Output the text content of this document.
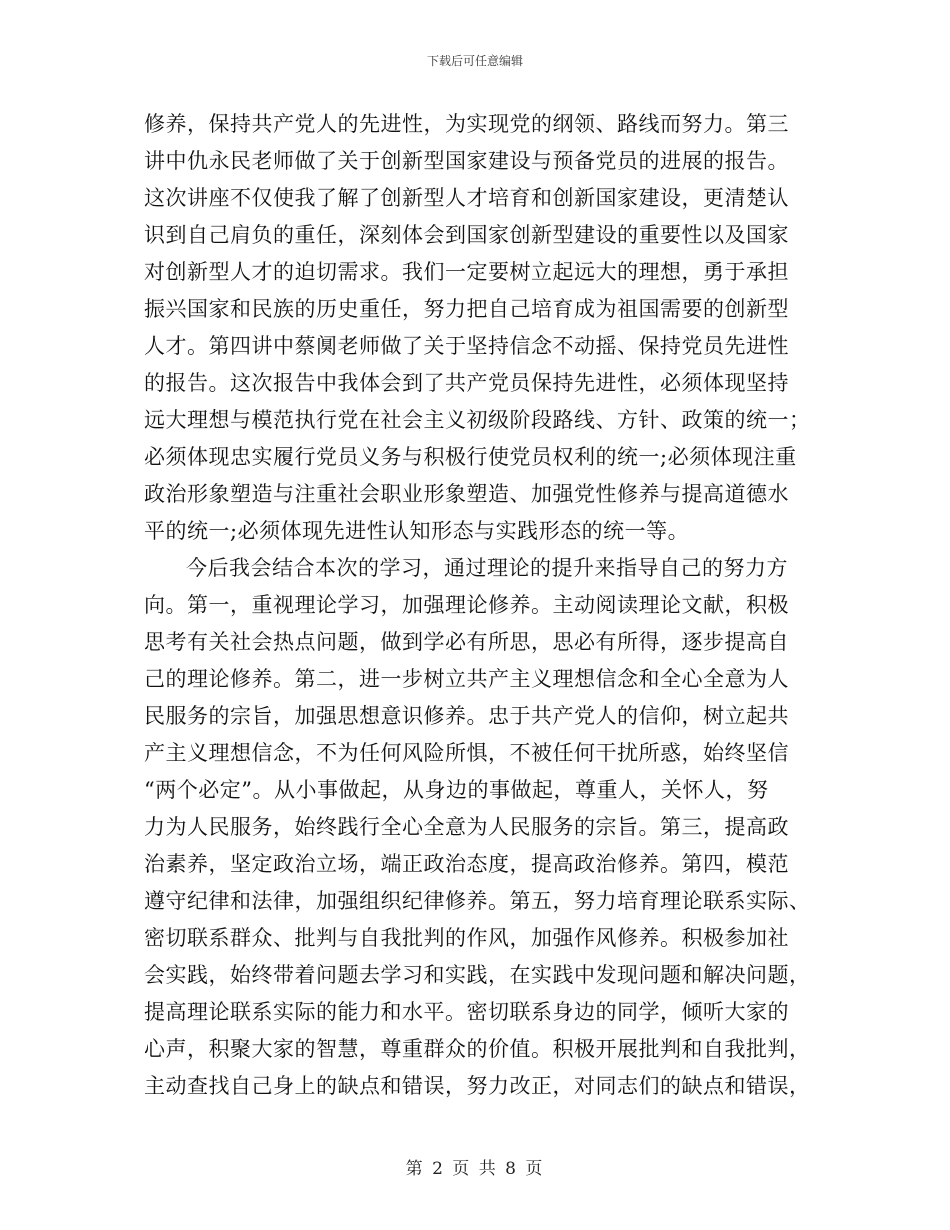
下载后可任意编辑
修养，保持共产党人的先进性，为实现党的纲领、路线而努力。第三
讲中仇永民老师做了关于创新型国家建设与预备党员的进展的报告。
这次讲座不仅使我了解了创新型人才培育和创新国家建设，更清楚认
识到自己肩负的重任，深刻体会到国家创新型建设的重要性以及国家
对创新型人才的迫切需求。我们一定要树立起远大的理想，勇于承担
振兴国家和民族的历史重任，努力把自己培育成为祖国需要的创新型
人才。第四讲中蔡阒老师做了关于坚持信念不动摇、保持党员先进性
的报告。这次报告中我体会到了共产党员保持先进性，必须体现坚持
远大理想与模范执行党在社会主义初级阶段路线、方针、政策的统一；
必须体现忠实履行党员义务与积极行使党员权利的统一;必须体现注重
政治形象塑造与注重社会职业形象塑造、加强党性修养与提高道德水
平的统一;必须体现先进性认知形态与实践形态的统一等。
今后我会结合本次的学习，通过理论的提升来指导自己的努力方
向。第一，重视理论学习，加强理论修养。主动阅读理论文献，积极
思考有关社会热点问题，做到学必有所思，思必有所得，逐步提高自
己的理论修养。第二，进一步树立共产主义理想信念和全心全意为人
民服务的宗旨，加强思想意识修养。忠于共产党人的信仰，树立起共
产主义理想信念，不为任何风险所惧，不被任何干扰所惑，始终坚信
“两个必定”。从小事做起，从身边的事做起，尊重人，关怀人，努
力为人民服务，始终践行全心全意为人民服务的宗旨。第三，提高政
治素养，坚定政治立场，端正政治态度，提高政治修养。第四，模范
遵守纪律和法律，加强组织纪律修养。第五，努力培育理论联系实际、
密切联系群众、批判与自我批判的作风，加强作风修养。积极参加社
会实践，始终带着问题去学习和实践，在实践中发现问题和解决问题，
提高理论联系实际的能力和水平。密切联系身边的同学，倾听大家的
心声，积聚大家的智慧，尊重群众的价值。积极开展批判和自我批判，
主动查找自己身上的缺点和错误，努力改正，对同志们的缺点和错误，
第 2 页 共 8 页
